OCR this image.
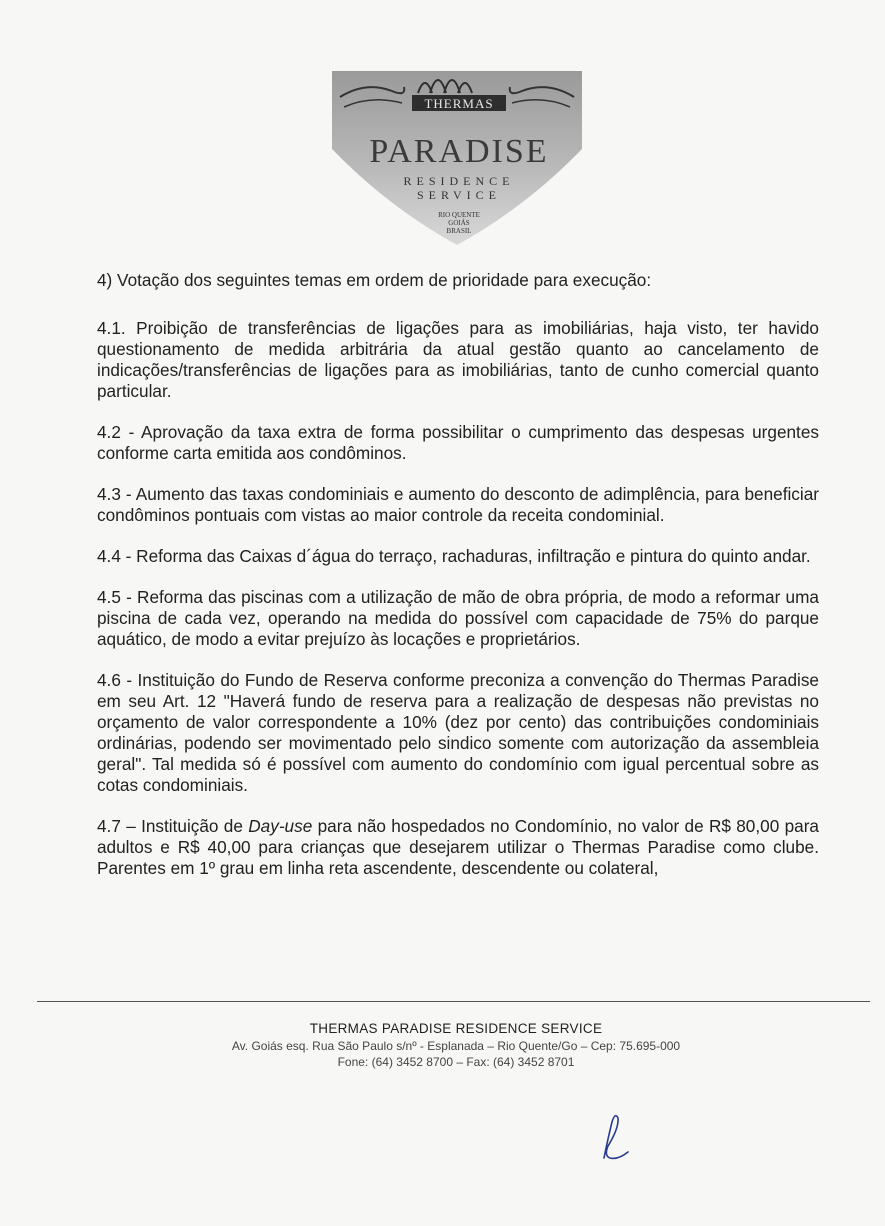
THERMAS
PARADISE
RESIDENCE
SERVICE
RIO QUENTE
GOIÁS
BRASIL

4) Votação dos seguintes temas em ordem de prioridade para execução:

4.1. Proibição de transferências de ligações para as imobiliárias, haja visto, ter havido questionamento de medida arbitrária da atual gestão quanto ao cancelamento de indicações/transferências de ligações para as imobiliárias, tanto de cunho comercial quanto particular.

4.2 - Aprovação da taxa extra de forma possibilitar o cumprimento das despesas urgentes conforme carta emitida aos condôminos.

4.3 - Aumento das taxas condominiais e aumento do desconto de adimplência, para beneficiar condôminos pontuais com vistas ao maior controle da receita condominial.

4.4 - Reforma das Caixas d´água do terraço, rachaduras, infiltração e pintura do quinto andar.

4.5 - Reforma das piscinas com a utilização de mão de obra própria, de modo a reformar uma piscina de cada vez, operando na medida do possível com capacidade de 75% do parque aquático, de modo a evitar prejuízo às locações e proprietários.

4.6 - Instituição do Fundo de Reserva conforme preconiza a convenção do Thermas Paradise em seu Art. 12 "Haverá fundo de reserva para a realização de despesas não previstas no orçamento de valor correspondente a 10% (dez por cento) das contribuições condominiais ordinárias, podendo ser movimentado pelo sindico somente com autorização da assembleia geral". Tal medida só é possível com aumento do condomínio com igual percentual sobre as cotas condominiais.

4.7 – Instituição de Day-use para não hospedados no Condomínio, no valor de R$ 80,00 para adultos e R$ 40,00 para crianças que desejarem utilizar o Thermas Paradise como clube. Parentes em 1º grau em linha reta ascendente, descendente ou colateral,

THERMAS PARADISE RESIDENCE SERVICE
Av. Goiás esq. Rua São Paulo s/nº - Esplanada – Rio Quente/Go – Cep: 75.695-000
Fone: (64) 3452 8700 – Fax: (64) 3452 8701
